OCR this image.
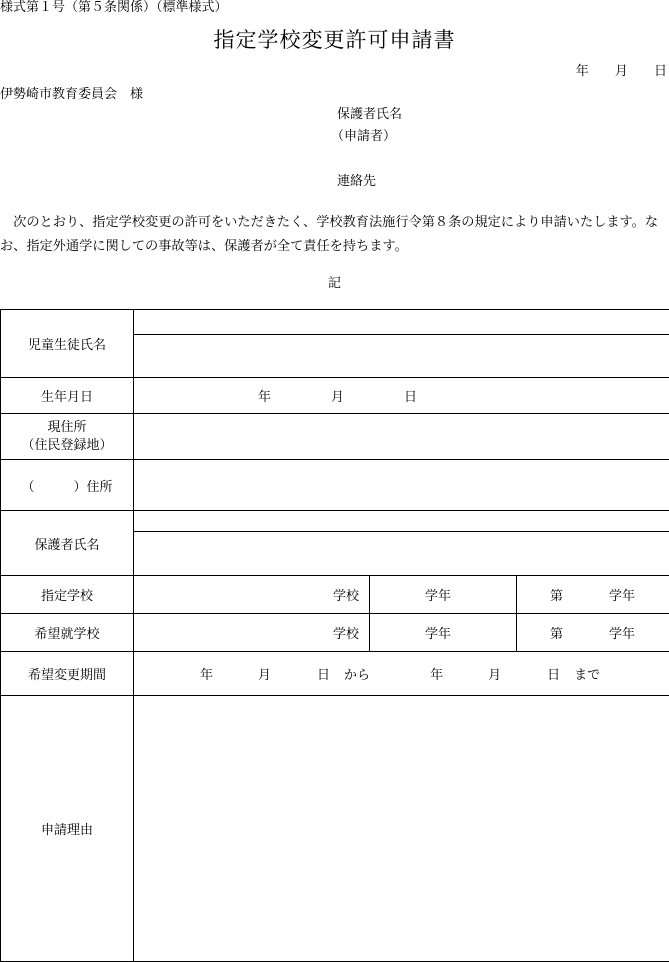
様式第１号（第５条関係）（標準様式）
指定学校変更許可申請書
年 月 日
伊勢崎市教育委員会　様
保護者氏名
（申請者）
連絡先
　次のとおり、指定学校変更の許可をいただきたく、学校教育法施行令第８条の規定により申請いたします。なお、指定外通学に関しての事故等は、保護者が全て責任を持ちます。
記
児童生徒氏名			

生年月日	年 月 日		

現住所
（住民登録地）			

（　　　）住所			
保護者氏名			

指定学校	学校	学年	第 学年
希望就学校	学校	学年	第 学年
希望変更期間	年 月 日 から 年 月 日 まで		
申請理由			
